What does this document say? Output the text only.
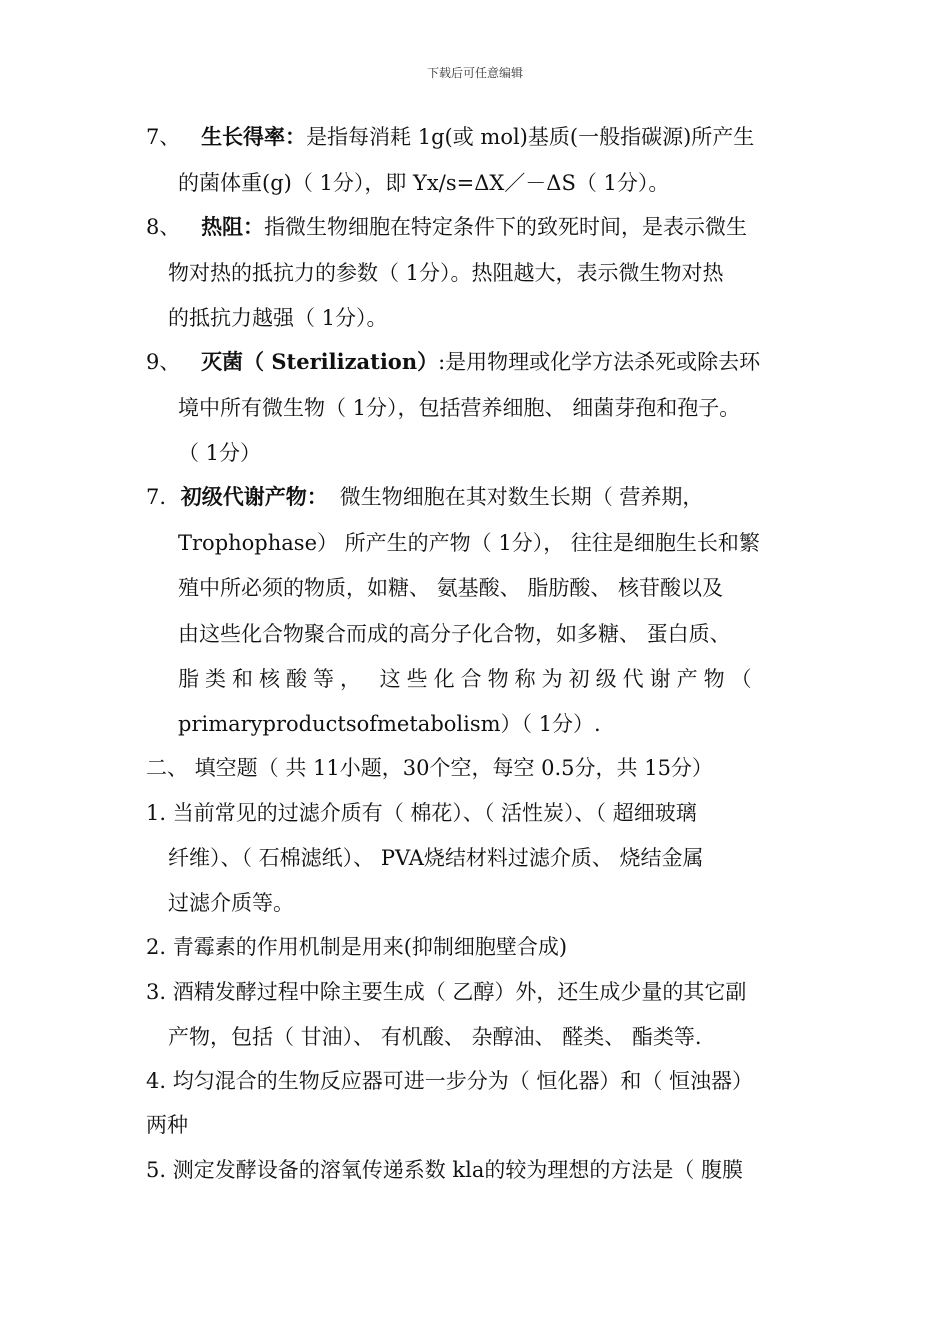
下载后可任意编辑
7、 生长得率：是指每消耗 1g(或 mol)基质(一般指碳源)所产生
的菌体重(g)（ 1分），即 Yx/s=ΔX／－ΔS（ 1分）。
8、 热阻：指微生物细胞在特定条件下的致死时间，是表示微生
物对热的抵抗力的参数（ 1分）。热阻越大，表示微生物对热
的抵抗力越强（ 1分）。
9、 灭菌（ Sterilization）:是用物理或化学方法杀死或除去环
境中所有微生物（ 1分），包括营养细胞、 细菌芽孢和孢子。
（ 1分）
7. 初级代谢产物： 微生物细胞在其对数生长期（ 营养期，
Trophophase） 所产生的产物（ 1分）， 往往是细胞生长和繁
殖中所必须的物质，如糖、 氨基酸、 脂肪酸、 核苷酸以及
由这些化合物聚合而成的高分子化合物，如多糖、 蛋白质、
脂类和核酸等， 这些化合物称为初级代谢产物（
primaryproductsofmetabolism）（ 1分）.
二、 填空题（ 共 11小题，30个空，每空 0.5分，共 15分）
1. 当前常见的过滤介质有（ 棉花）、（ 活性炭）、（ 超细玻璃
纤维）、（ 石棉滤纸）、 PVA烧结材料过滤介质、 烧结金属
过滤介质等。
2. 青霉素的作用机制是用来(抑制细胞壁合成)
3. 酒精发酵过程中除主要生成（ 乙醇）外，还生成少量的其它副
产物，包括（ 甘油）、 有机酸、 杂醇油、 醛类、 酯类等.
4. 均匀混合的生物反应器可进一步分为（ 恒化器）和（ 恒浊器）
两种
5. 测定发酵设备的溶氧传递系数 kla的较为理想的方法是（ 腹膜
